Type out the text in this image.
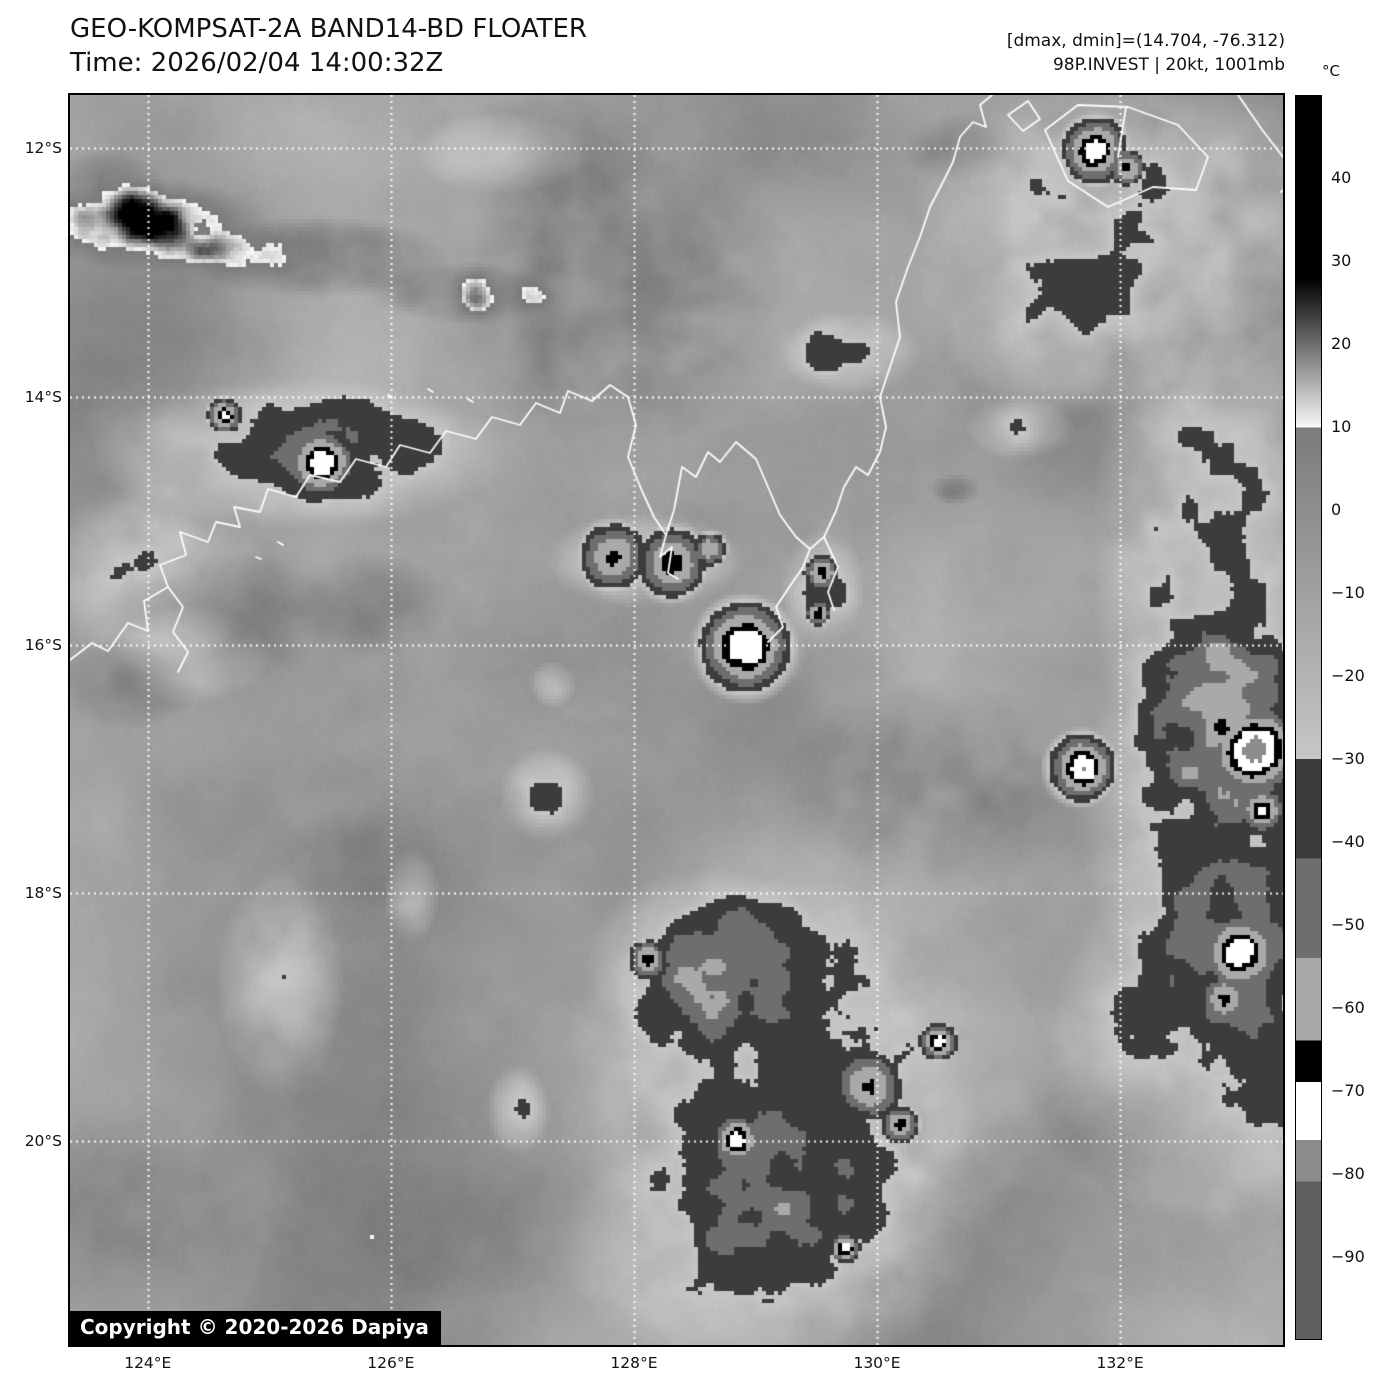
GEO-KOMPSAT-2A BAND14-BD FLOATER
Time: 2026/02/04 14:00:32Z
[dmax, dmin]=(14.704, -76.312)
98P.INVEST | 20kt, 1001mb °C
Copyright © 2020-2026 Dapiya
40
30
20
10
0
−10
−20
−30
−40
−50
−60
−70
−80
−90
12°S
14°S
16°S
18°S
20°S
124°E	126°E	128°E	130°E	132°E
